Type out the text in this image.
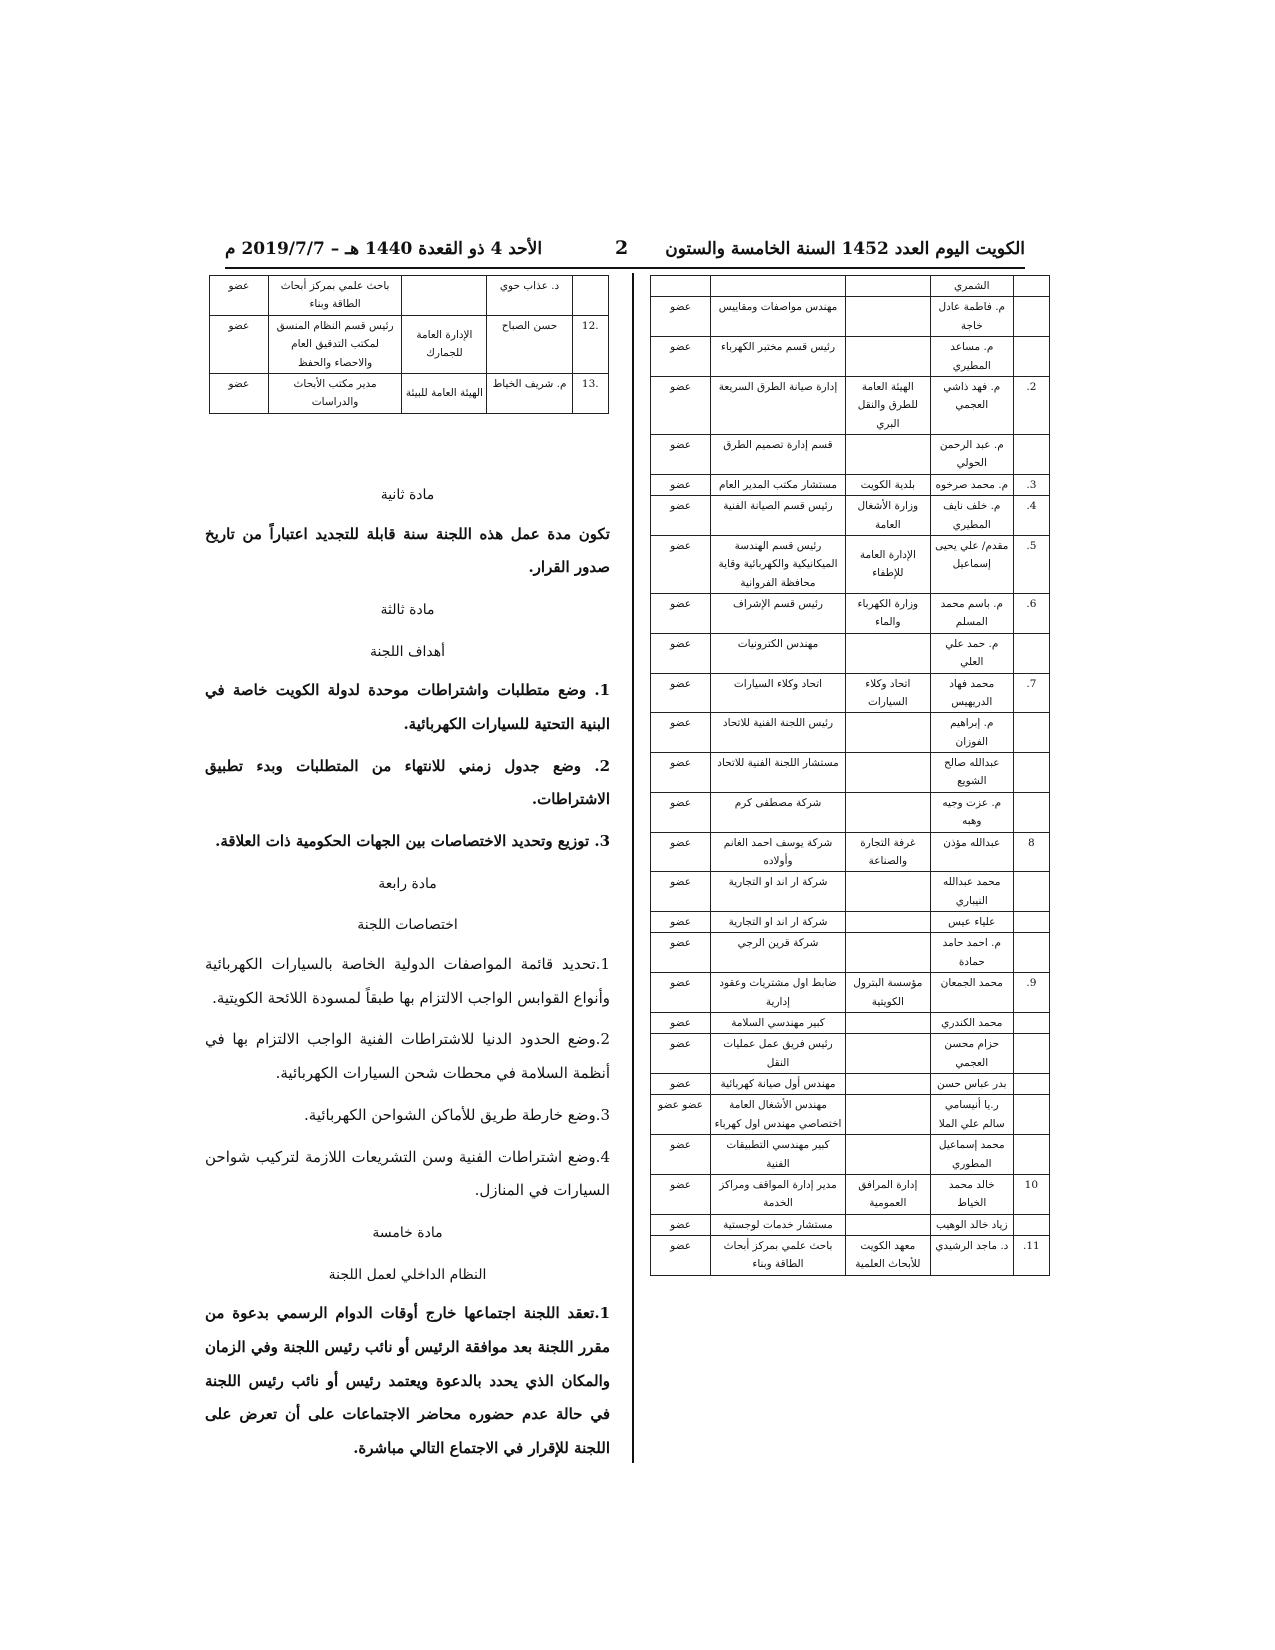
الكويت اليوم العدد 1452 السنة الخامسة والستون
2
الأحد 4 ذو القعدة 1440 هـ – 2019/7/7 م
	الشمري			
	م. فاطمة عادل خاجة		مهندس مواصفات ومقاييس	عضو
	م. مساعد المطيري		رئيس قسم مختبر الكهرباء	عضو
2.	م. فهد ذاشي العجمي	الهيئة العامة للطرق والنقل البري	إدارة صيانة الطرق السريعة	عضو
	م. عبد الرحمن الحولي		قسم إدارة تصميم الطرق	عضو
3.	م. محمد صرخوه	بلدية الكويت	مستشار مكتب المدير العام	عضو
4.	م. خلف نايف المطيري	وزارة الأشغال العامة	رئيس قسم الصيانة الفنية	عضو
5.	مقدم/ علي يحيى إسماعيل	الإدارة العامة للإطفاء	رئيس قسم الهندسة الميكانيكية والكهربائية وقاية محافظة الفروانية	عضو
6.	م. باسم محمد المسلم	وزارة الكهرباء والماء	رئيس قسم الإشراف	عضو
	م. حمد علي العلي		مهندس الكترونيات	عضو
7.	محمد فهاد الدريهيس	اتحاد وكلاء السيارات	اتحاد وكلاء السيارات	عضو
	م. إبراهيم الفوزان		رئيس اللجنة الفنية للاتحاد	عضو
	عبدالله صالح الشويع		مستشار اللجنة الفنية للاتحاد	عضو
	م. عزت وجيه وهبه		شركة مصطفى كرم	عضو
8	عبدالله مؤذن	غرفة التجارة والصناعة	شركة يوسف احمد الغانم وأولاده	عضو
	محمد عبدالله النيباري		شركة ار اند او التجارية	عضو
	علياء عيس		شركة ار اند او التجارية	عضو
	م. احمد حامد حمادة		شركة قرين الرجي	عضو
9.	محمد الجمعان	مؤسسة البترول الكويتية	ضابط اول مشتريات وعقود إدارية	عضو
	محمد الكندري		كبير مهندسي السلامة	عضو
	حزام محسن العجمي		رئيس فريق عمل عمليات النقل	عضو
	بدر عباس حسن		مهندس أول صيانة كهربائية	عضو
	ر.يا أنيسامي سالم علي الملا		مهندس الأشغال العامة اختصاصي مهندس اول كهرباء	عضو عضو
	محمد إسماعيل المطوري		كبير مهندسي التطبيقات الفنية	عضو
10	خالد محمد الخياط	إدارة المرافق العمومية	مدير إدارة المواقف ومراكز الخدمة	عضو
	زياد خالد الوهيب		مستشار خدمات لوجستية	عضو
11.	د. ماجد الرشيدي	معهد الكويت للأبحاث العلمية	باحث علمي بمركز أبحاث الطاقة وبناء	عضو
	د. عذاب حوي		باحث علمي بمركز أبحاث الطاقة وبناء	عضو
.12	حسن الصباح	الإدارة العامة للجمارك	رئيس قسم النظام المنسق لمكتب التدقيق العام والاحصاء والحفظ	عضو
.13	م. شريف الخياط	الهيئة العامة للبيئة	مدير مكتب الأبحاث والدراسات	عضو
مادة ثانية

تكون مدة عمل هذه اللجنة سنة قابلة للتجديد اعتباراً من تاريخ صدور القرار.

مادة ثالثة
أهداف اللجنة

1. وضع متطلبات واشتراطات موحدة لدولة الكويت خاصة في البنية التحتية للسيارات الكهربائية.

2. وضع جدول زمني للانتهاء من المتطلبات وبدء تطبيق الاشتراطات.

3. توزيع وتحديد الاختصاصات بين الجهات الحكومية ذات العلاقة.

مادة رابعة
اختصاصات اللجنة

1.تحديد قائمة المواصفات الدولية الخاصة بالسيارات الكهربائية وأنواع القوابس الواجب الالتزام بها طبقاً لمسودة اللائحة الكويتية.

2.وضع الحدود الدنيا للاشتراطات الفنية الواجب الالتزام بها في أنظمة السلامة في محطات شحن السيارات الكهربائية.

3.وضع خارطة طريق للأماكن الشواحن الكهربائية.

4.وضع اشتراطات الفنية وسن التشريعات اللازمة لتركيب شواحن السيارات في المنازل.

مادة خامسة
النظام الداخلي لعمل اللجنة

1.تعقد اللجنة اجتماعها خارج أوقات الدوام الرسمي بدعوة من مقرر اللجنة بعد موافقة الرئيس أو نائب رئيس اللجنة وفي الزمان والمكان الذي يحدد بالدعوة ويعتمد رئيس أو نائب رئيس اللجنة في حالة عدم حضوره محاضر الاجتماعات على أن تعرض على اللجنة للإقرار في الاجتماع التالي مباشرة.
